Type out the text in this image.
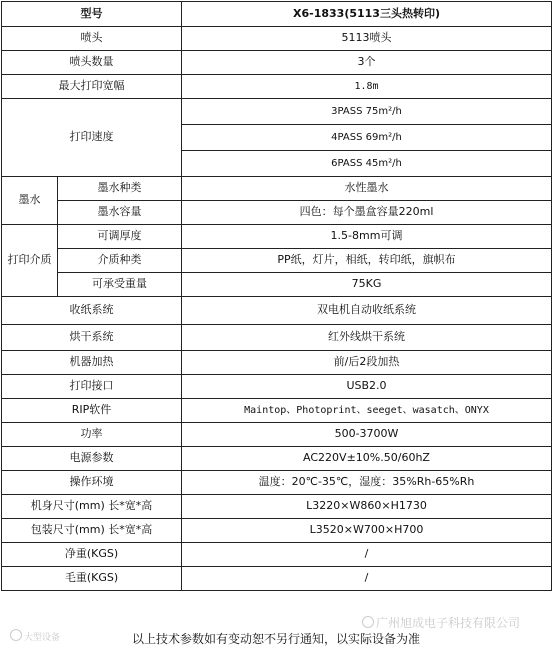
型号		X6-1833(5113三头热转印)
喷头		5113喷头
喷头数量		3个
最大打印宽幅		1.8m
打印速度		3PASS 75m²/h
		4PASS 69m²/h
		6PASS 45m²/h
墨水	墨水种类	水性墨水
	墨水容量	四色：每个墨盒容量220ml
打印介质	可调厚度	1.5-8mm可调
	介质种类	PP纸，灯片，相纸，转印纸，旗帜布
	可承受重量	75KG
收纸系统		双电机自动收纸系统
烘干系统		红外线烘干系统
机器加热		前/后2段加热
打印接口		USB2.0
RIP软件		Maintop、Photoprint、seeget、wasatch、ONYX
功率		500-3700W
电源参数		AC220V±10%.50/60hZ
操作环境		温度：20℃-35℃，湿度：35%Rh-65%Rh
机身尺寸(mm) 长*宽*高		L3220×W860×H1730
包装尺寸(mm) 长*宽*高		L3520×W700×H700
净重(KGS)		/
毛重(KGS)		/
广州旭成电子科技有限公司
大型设备	以上技术参数如有变动恕不另行通知，以实际设备为准
